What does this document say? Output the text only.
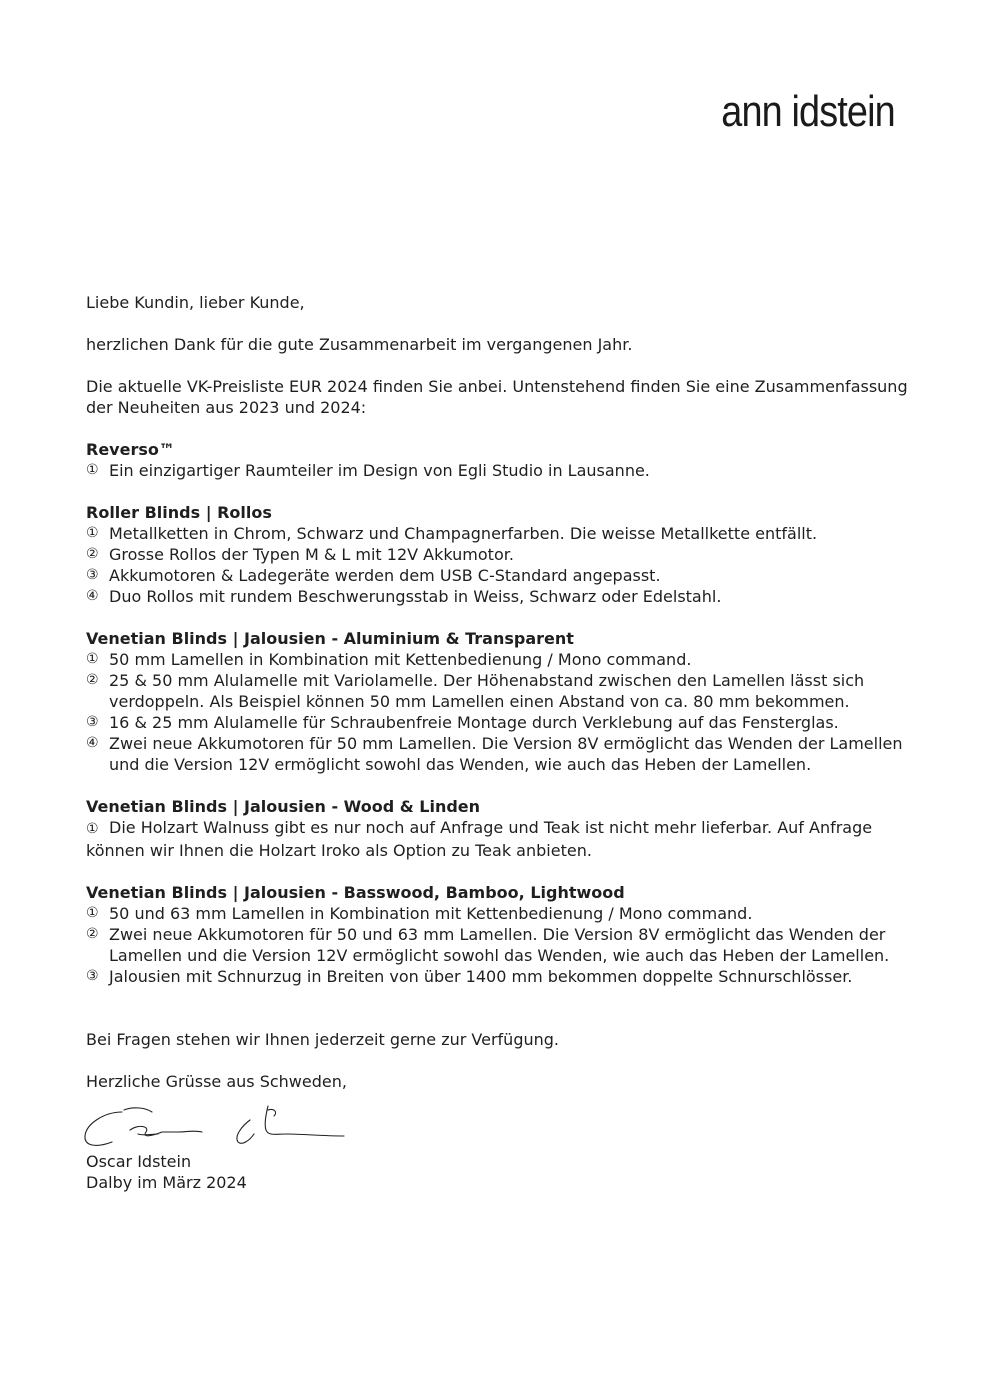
ann idstein

Liebe Kundin, lieber Kunde,

herzlichen Dank für die gute Zusammenarbeit im vergangenen Jahr.

Die aktuelle VK-Preisliste EUR 2024 finden Sie anbei. Untenstehend finden Sie eine Zusammenfassung der Neuheiten aus 2023 und 2024:

Reverso™

① Ein einzigartiger Raumteiler im Design von Egli Studio in Lausanne.

Roller Blinds | Rollos

① Metallketten in Chrom, Schwarz und Champagnerfarben. Die weisse Metallkette entfällt.
② Grosse Rollos der Typen M & L mit 12V Akkumotor.
③ Akkumotoren & Ladegeräte werden dem USB C-Standard angepasst.
④ Duo Rollos mit rundem Beschwerungsstab in Weiss, Schwarz oder Edelstahl.

Venetian Blinds | Jalousien - Aluminium & Transparent

① 50 mm Lamellen in Kombination mit Kettenbedienung / Mono command.
② 25 & 50 mm Alulamelle mit Variolamelle. Der Höhenabstand zwischen den Lamellen lässt sich verdoppeln. Als Beispiel können 50 mm Lamellen einen Abstand von ca. 80 mm bekommen.
③ 16 & 25 mm Alulamelle für Schraubenfreie Montage durch Verklebung auf das Fensterglas.
④ Zwei neue Akkumotoren für 50 mm Lamellen. Die Version 8V ermöglicht das Wenden der Lamellen und die Version 12V ermöglicht sowohl das Wenden, wie auch das Heben der Lamellen.

Venetian Blinds | Jalousien - Wood & Linden

① Die Holzart Walnuss gibt es nur noch auf Anfrage und Teak ist nicht mehr lieferbar. Auf Anfrage können wir Ihnen die Holzart Iroko als Option zu Teak anbieten.

Venetian Blinds | Jalousien - Basswood, Bamboo, Lightwood

① 50 und 63 mm Lamellen in Kombination mit Kettenbedienung / Mono command.
② Zwei neue Akkumotoren für 50 und 63 mm Lamellen. Die Version 8V ermöglicht das Wenden der Lamellen und die Version 12V ermöglicht sowohl das Wenden, wie auch das Heben der Lamellen.
③ Jalousien mit Schnurzug in Breiten von über 1400 mm bekommen doppelte Schnurschlösser.

Bei Fragen stehen wir Ihnen jederzeit gerne zur Verfügung.

Herzliche Grüsse aus Schweden,

Oscar Idstein
Dalby im März 2024
